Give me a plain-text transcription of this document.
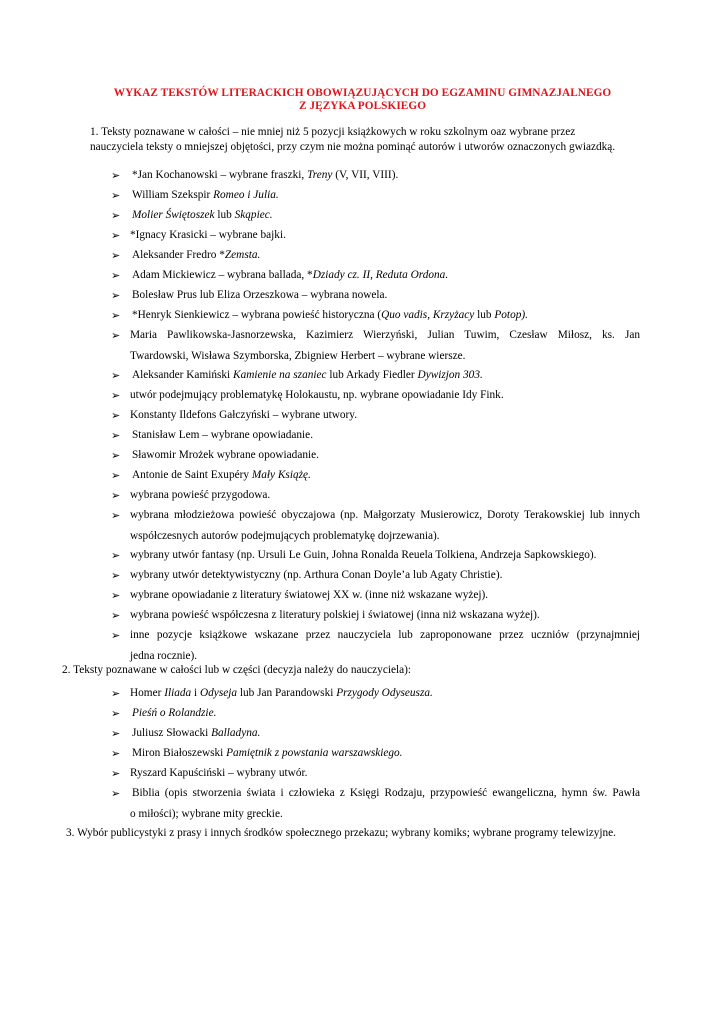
WYKAZ TEKSTÓW LITERACKICH OBOWIĄZUJĄCYCH DO EGZAMINU GIMNAZJALNEGO
Z JĘZYKA POLSKIEGO
1. Teksty poznawane w całości – nie mniej niż 5 pozycji książkowych w roku szkolnym oaz wybrane przez
nauczyciela teksty o mniejszej objętości, przy czym nie można pominąć autorów i utworów oznaczonych gwiazdką.
➢ *Jan Kochanowski – wybrane fraszki, Treny (V, VII, VIII).
➢ William Szekspir Romeo i Julia.
➢ Molier Świętoszek lub Skąpiec.
➢ *Ignacy Krasicki – wybrane bajki.
➢ Aleksander Fredro *Zemsta.
➢ Adam Mickiewicz – wybrana ballada, *Dziady cz. II, Reduta Ordona.
➢ Bolesław Prus lub Eliza Orzeszkowa – wybrana nowela.
➢ *Henryk Sienkiewicz – wybrana powieść historyczna (Quo vadis, Krzyżacy lub Potop).
➢ Maria Pawlikowska-Jasnorzewska, Kazimierz Wierzyński, Julian Tuwim, Czesław Miłosz, ks. Jan
Twardowski, Wisława Szymborska, Zbigniew Herbert – wybrane wiersze.
➢ Aleksander Kamiński Kamienie na szaniec lub Arkady Fiedler Dywizjon 303.
➢ utwór podejmujący problematykę Holokaustu, np. wybrane opowiadanie Idy Fink.
➢ Konstanty Ildefons Gałczyński – wybrane utwory.
➢ Stanisław Lem – wybrane opowiadanie.
➢ Sławomir Mrożek wybrane opowiadanie.
➢ Antonie de Saint Exupéry Mały Książę.
➢ wybrana powieść przygodowa.
➢ wybrana młodzieżowa powieść obyczajowa (np. Małgorzaty Musierowicz, Doroty Terakowskiej lub innych
współczesnych autorów podejmujących problematykę dojrzewania).
➢ wybrany utwór fantasy (np. Ursuli Le Guin, Johna Ronalda Reuela Tolkiena, Andrzeja Sapkowskiego).
➢ wybrany utwór detektywistyczny (np. Arthura Conan Doyle’a lub Agaty Christie).
➢ wybrane opowiadanie z literatury światowej XX w. (inne niż wskazane wyżej).
➢ wybrana powieść współczesna z literatury polskiej i światowej (inna niż wskazana wyżej).
➢ inne pozycje książkowe wskazane przez nauczyciela lub zaproponowane przez uczniów (przynajmniej
jedna rocznie).
2. Teksty poznawane w całości lub w części (decyzja należy do nauczyciela):
➢ Homer Iliada i Odyseja lub Jan Parandowski Przygody Odyseusza.
➢ Pieśń o Rolandzie.
➢ Juliusz Słowacki Balladyna.
➢ Miron Białoszewski Pamiętnik z powstania warszawskiego.
➢ Ryszard Kapuściński – wybrany utwór.
➢ Biblia (opis stworzenia świata i człowieka z Księgi Rodzaju, przypowieść ewangeliczna, hymn św. Pawła
o miłości); wybrane mity greckie.
3. Wybór publicystyki z prasy i innych środków społecznego przekazu; wybrany komiks; wybrane programy telewizyjne.
